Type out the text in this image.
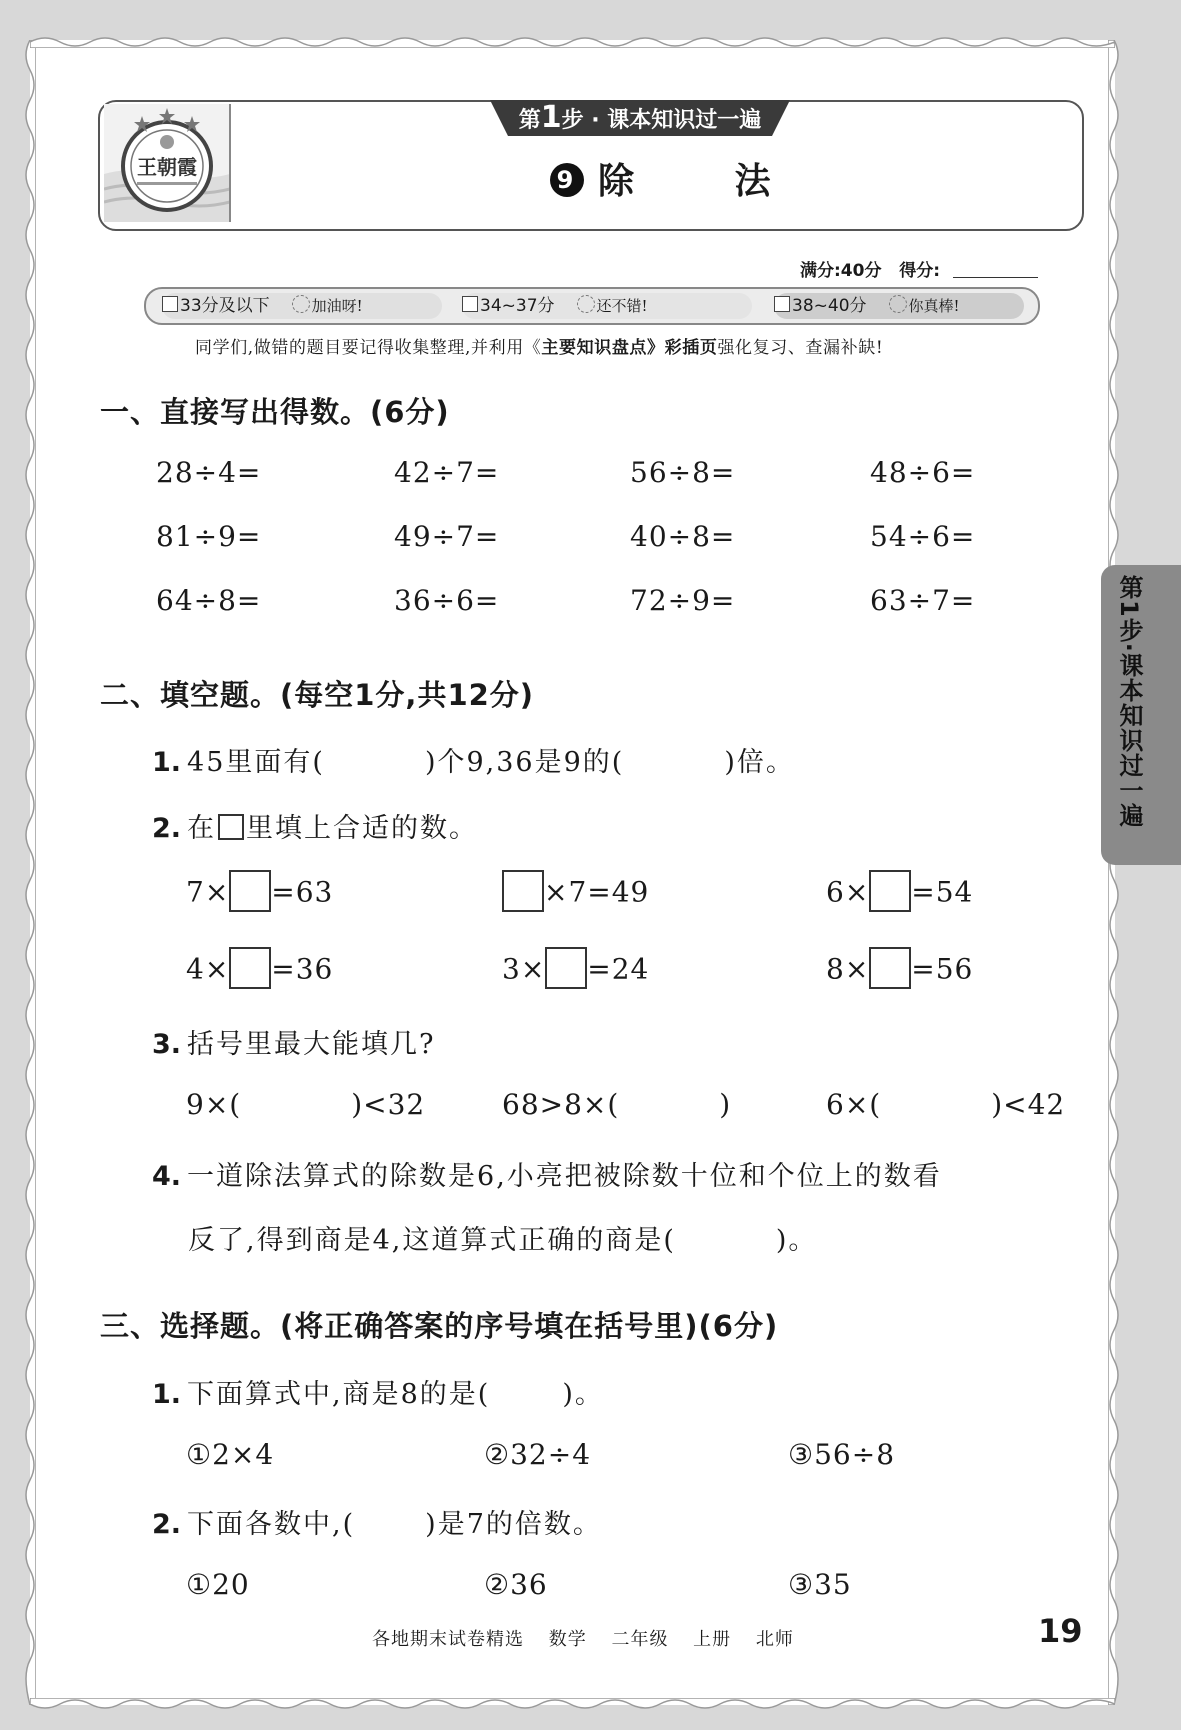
王朝霞
第1步 · 课本知识过一遍
9 除 法
满分:40分 得分:
33分及以下	加油呀!	34~37分	还不错!	38~40分	你真棒!
同学们,做错的题目要记得收集整理,并利用《主要知识盘点》彩插页强化复习、查漏补缺!
一、直接写出得数。(6分)
28÷4=	42÷7=	56÷8=	48÷6=
81÷9=	49÷7=	40÷8=	54÷6=
64÷8=	36÷6=	72÷9=	63÷7=
二、填空题。(每空1分,共12分)
1. 45里面有(	)个9,36是9的(	)倍。
2. 在 里填上合适的数。
7× =63	×7=49	6× =54
4× =36	3× =24	8× =56
3. 括号里最大能填几?
9×(	)<32	68>8×(	)	6×(	)<42
4. 一道除法算式的除数是6,小亮把被除数十位和个位上的数看
反了,得到商是4,这道算式正确的商是(	)。
三、选择题。(将正确答案的序号填在括号里)(6分)
1. 下面算式中,商是8的是(	)。
①2×4	②32÷4	③56÷8
2. 下面各数中,(	)是7的倍数。
①20	②36	③35
第1步·课本知识过一遍
各地期末试卷精选 数学 二年级 上册 北师	19
